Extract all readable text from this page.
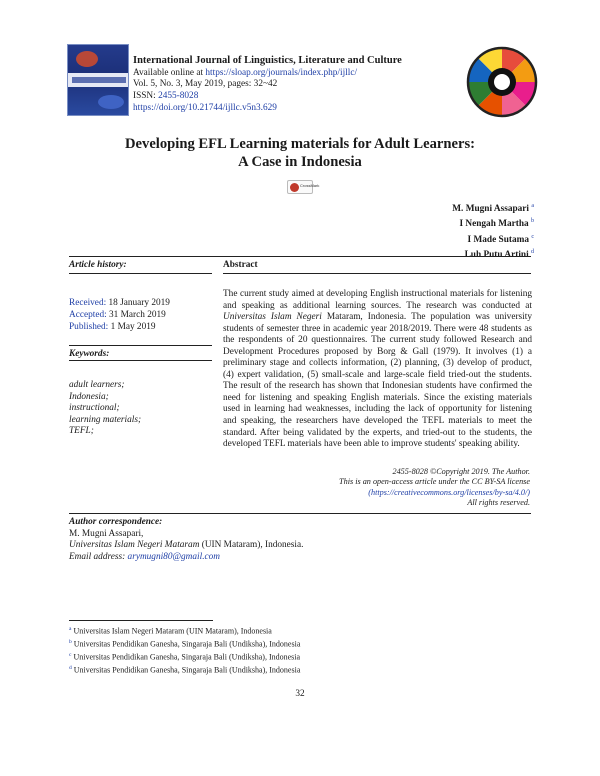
International Journal of Linguistics, Literature and Culture
Available online at https://sloap.org/journals/index.php/ijllc/
Vol. 5, No. 3, May 2019, pages: 32~42
ISSN: 2455-8028
https://doi.org/10.21744/ijllc.v5n3.629
Developing EFL Learning materials for Adult Learners:
A Case in Indonesia
CrossMark
M. Mugni Assapari $^a$
I Nengah Martha $^b$
I Made Sutama $^c$
Luh Putu Artini $^d$
Article history:	Abstract
Keywords:
Received: 18 January 2019
Accepted: 31 March 2019
Published: 1 May 2019
adult learners;
Indonesia;
instructional;
learning materials;
TEFL;
The current study aimed at developing English instructional materials for listening and speaking as additional learning sources. The research was conducted at Universitas Islam Negeri Mataram, Indonesia. The population was university students of semester three in academic year 2018/2019. There were 48 students as the respondents of 20 questionnaires. The current study followed Research and Development Procedures proposed by Borg & Gall (1979). It involves (1) a preliminary stage and collects information, (2) planning, (3) develop of product, (4) expert validation, (5) small-scale and large-scale field tried-out the students. The result of the research has shown that Indonesian students have confirmed the need for listening and speaking English materials. Since the existing materials used in learning had weaknesses, including the lack of opportunity for listening and speaking, the researchers have developed the TEFL materials to meet the standard. After being validated by the experts, and tried-out to the students, the developed TEFL materials have been able to improve students' speaking ability.
2455-8028 ©Copyright 2019. The Author.
This is an open-access article under the CC BY-SA license
(https://creativecommons.org/licenses/by-sa/4.0/)
All rights reserved.
Author correspondence:
M. Mugni Assapari,
Universitas Islam Negeri Mataram (UIN Mataram), Indonesia.
Email address: arymugni80@gmail.com
$^a$ Universitas Islam Negeri Mataram (UIN Mataram), Indonesia
$^b$ Universitas Pendidikan Ganesha, Singaraja Bali (Undiksha), Indonesia
$^c$ Universitas Pendidikan Ganesha, Singaraja Bali (Undiksha), Indonesia
$^d$ Universitas Pendidikan Ganesha, Singaraja Bali (Undiksha), Indonesia
32
